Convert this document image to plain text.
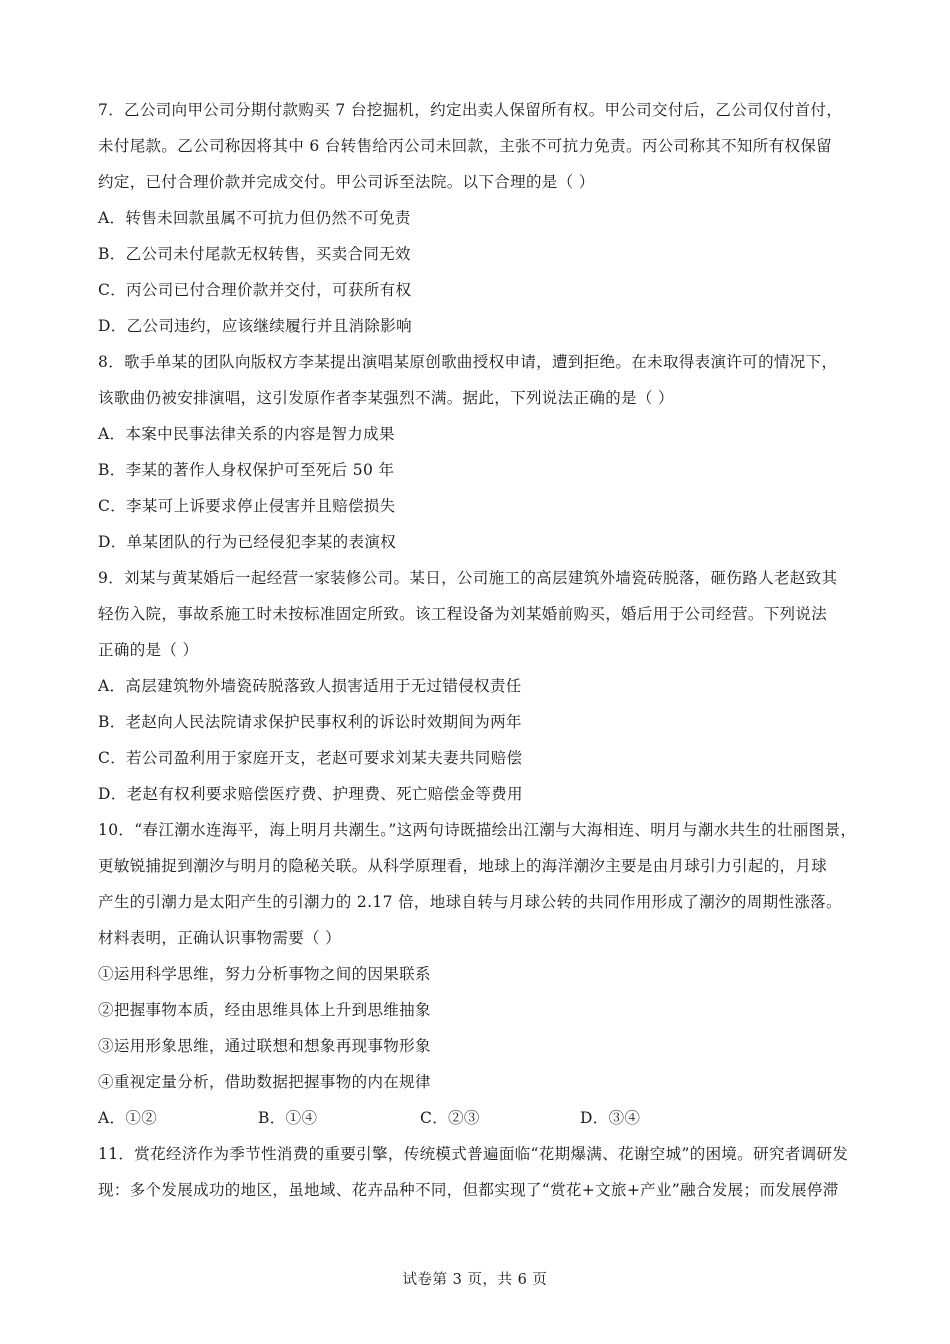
7．乙公司向甲公司分期付款购买 7 台挖掘机，约定出卖人保留所有权。甲公司交付后，乙公司仅付首付，
未付尾款。乙公司称因将其中 6 台转售给丙公司未回款，主张不可抗力免责。丙公司称其不知所有权保留
约定，已付合理价款并完成交付。甲公司诉至法院。以下合理的是（ ）
A．转售未回款虽属不可抗力但仍然不可免责
B．乙公司未付尾款无权转售，买卖合同无效
C．丙公司已付合理价款并交付，可获所有权
D．乙公司违约，应该继续履行并且消除影响
8．歌手单某的团队向版权方李某提出演唱某原创歌曲授权申请，遭到拒绝。在未取得表演许可的情况下，
该歌曲仍被安排演唱，这引发原作者李某强烈不满。据此，下列说法正确的是（ ）
A．本案中民事法律关系的内容是智力成果
B．李某的著作人身权保护可至死后 50 年
C．李某可上诉要求停止侵害并且赔偿损失
D．单某团队的行为已经侵犯李某的表演权
9．刘某与黄某婚后一起经营一家装修公司。某日，公司施工的高层建筑外墙瓷砖脱落，砸伤路人老赵致其
轻伤入院，事故系施工时未按标准固定所致。该工程设备为刘某婚前购买，婚后用于公司经营。下列说法
正确的是（ ）
A．高层建筑物外墙瓷砖脱落致人损害适用于无过错侵权责任
B．老赵向人民法院请求保护民事权利的诉讼时效期间为两年
C．若公司盈利用于家庭开支，老赵可要求刘某夫妻共同赔偿
D．老赵有权利要求赔偿医疗费、护理费、死亡赔偿金等费用
10．“春江潮水连海平，海上明月共潮生。”这两句诗既描绘出江潮与大海相连、明月与潮水共生的壮丽图景，
更敏锐捕捉到潮汐与明月的隐秘关联。从科学原理看，地球上的海洋潮汐主要是由月球引力引起的，月球
产生的引潮力是太阳产生的引潮力的 2.17 倍，地球自转与月球公转的共同作用形成了潮汐的周期性涨落。
材料表明，正确认识事物需要（ ）
①运用科学思维，努力分析事物之间的因果联系
②把握事物本质，经由思维具体上升到思维抽象
③运用形象思维，通过联想和想象再现事物形象
④重视定量分析，借助数据把握事物的内在规律
A．①②	B．①④	C．②③	D．③④
11．赏花经济作为季节性消费的重要引擎，传统模式普遍面临“花期爆满、花谢空城”的困境。研究者调研发
现：多个发展成功的地区，虽地域、花卉品种不同，但都实现了“赏花+文旅+产业”融合发展；而发展停滞
试卷第 3 页，共 6 页
